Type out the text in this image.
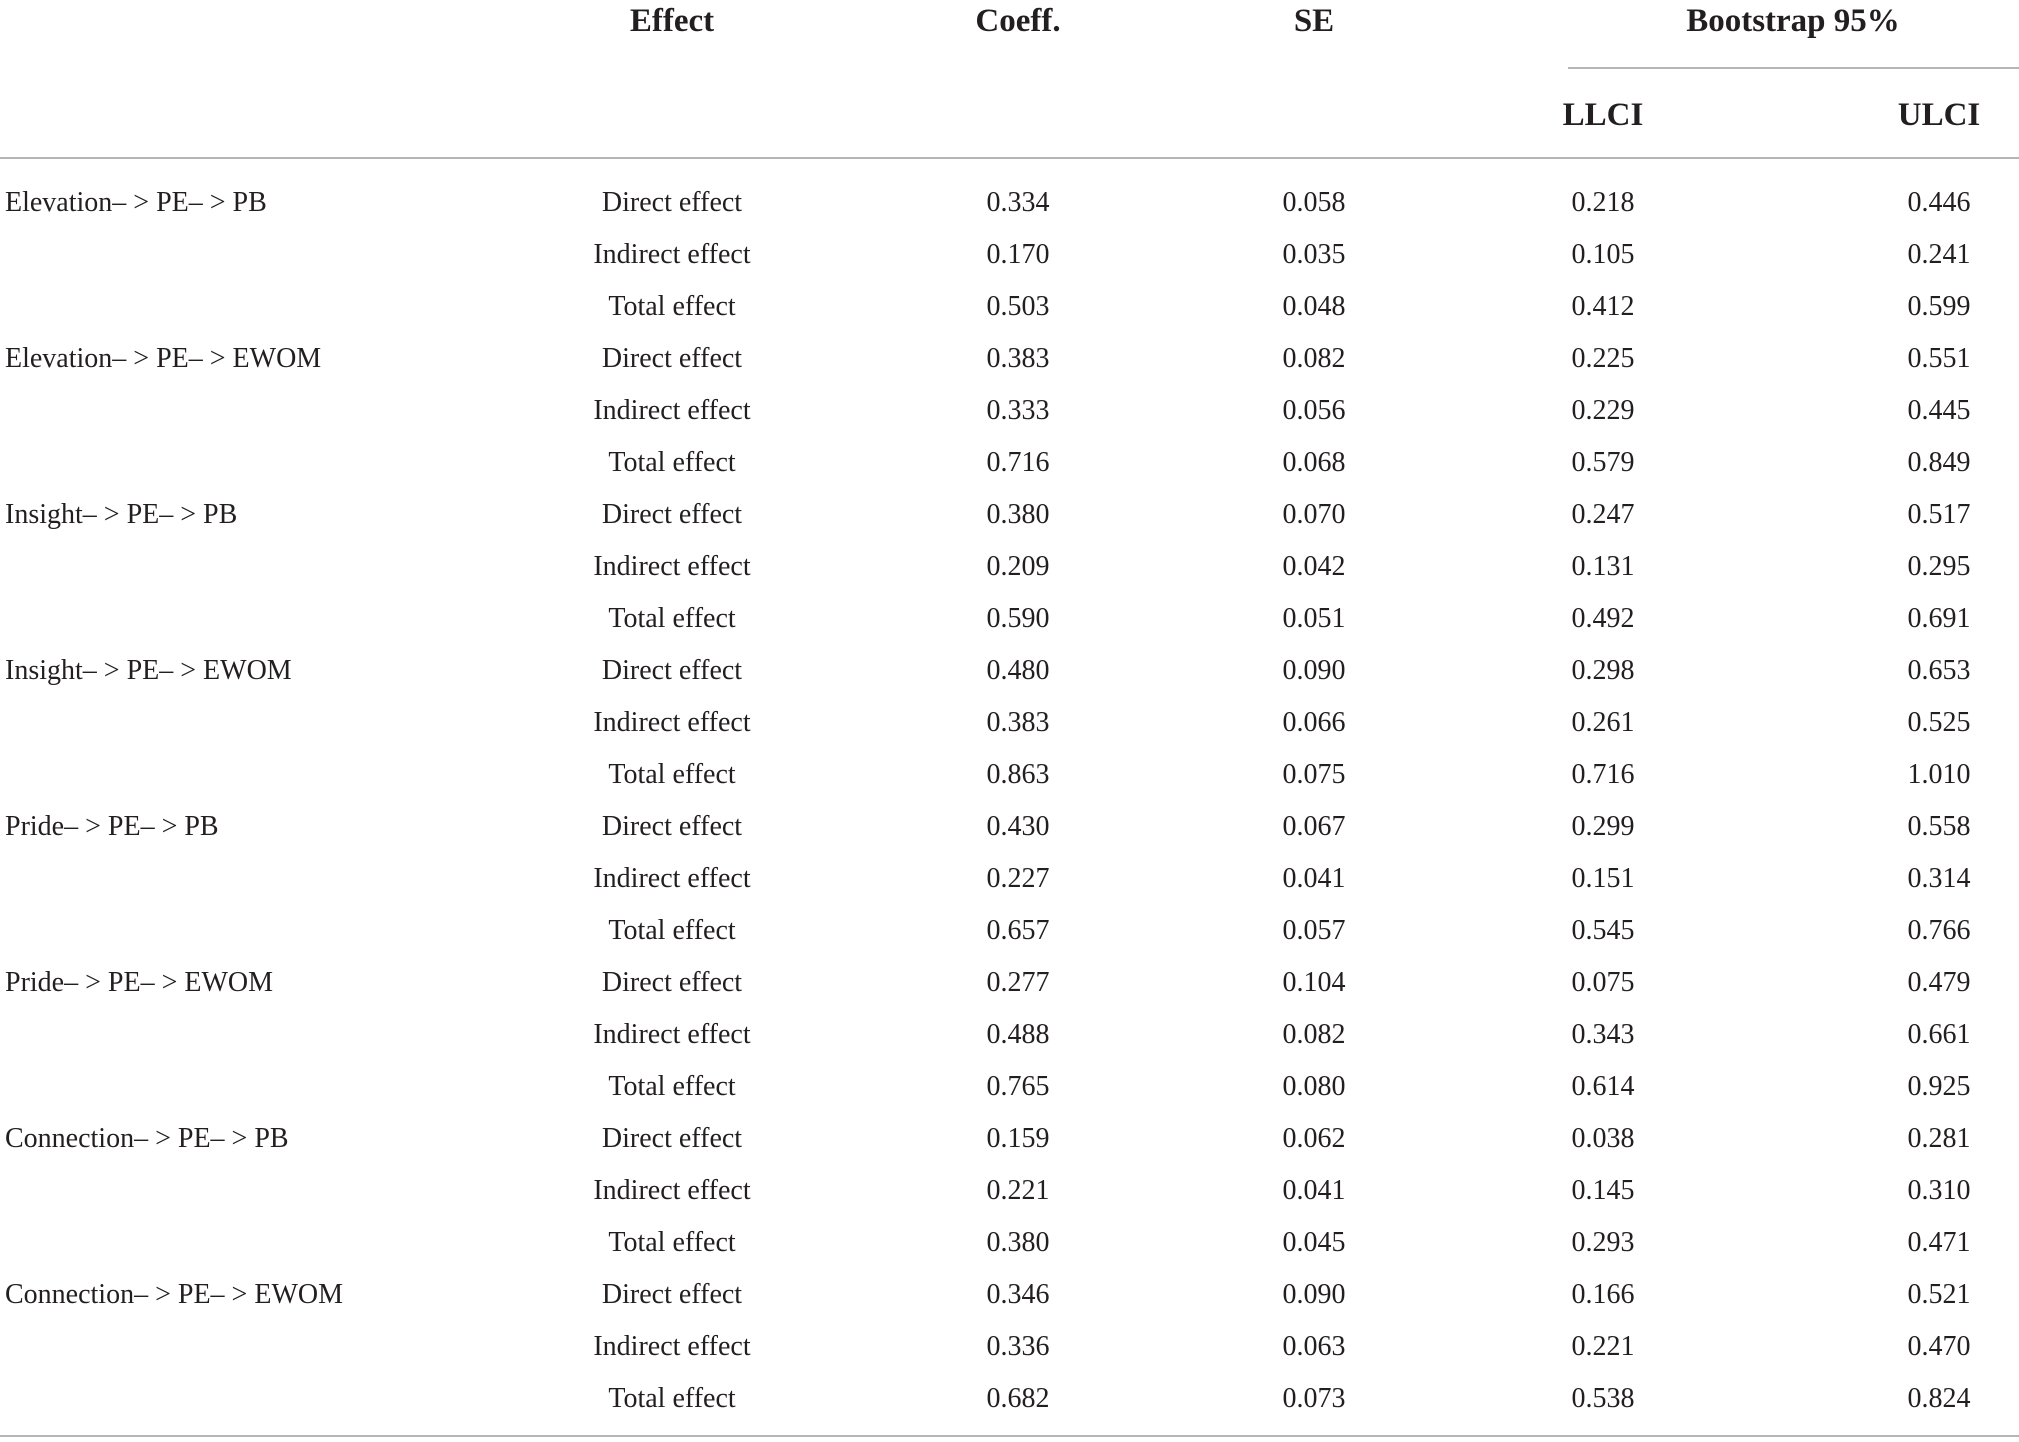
Effect	Coeff.	SE	Bootstrap 95%
LLCI	ULCI
Elevation– > PE– > PB	Direct effect	0.334	0.058	0.218	0.446
Indirect effect	0.170	0.035	0.105	0.241
Total effect	0.503	0.048	0.412	0.599
Elevation– > PE– > EWOM	Direct effect	0.383	0.082	0.225	0.551
Indirect effect	0.333	0.056	0.229	0.445
Total effect	0.716	0.068	0.579	0.849
Insight– > PE– > PB	Direct effect	0.380	0.070	0.247	0.517
Indirect effect	0.209	0.042	0.131	0.295
Total effect	0.590	0.051	0.492	0.691
Insight– > PE– > EWOM	Direct effect	0.480	0.090	0.298	0.653
Indirect effect	0.383	0.066	0.261	0.525
Total effect	0.863	0.075	0.716	1.010
Pride– > PE– > PB	Direct effect	0.430	0.067	0.299	0.558
Indirect effect	0.227	0.041	0.151	0.314
Total effect	0.657	0.057	0.545	0.766
Pride– > PE– > EWOM	Direct effect	0.277	0.104	0.075	0.479
Indirect effect	0.488	0.082	0.343	0.661
Total effect	0.765	0.080	0.614	0.925
Connection– > PE– > PB	Direct effect	0.159	0.062	0.038	0.281
Indirect effect	0.221	0.041	0.145	0.310
Total effect	0.380	0.045	0.293	0.471
Connection– > PE– > EWOM	Direct effect	0.346	0.090	0.166	0.521
Indirect effect	0.336	0.063	0.221	0.470
Total effect	0.682	0.073	0.538	0.824
